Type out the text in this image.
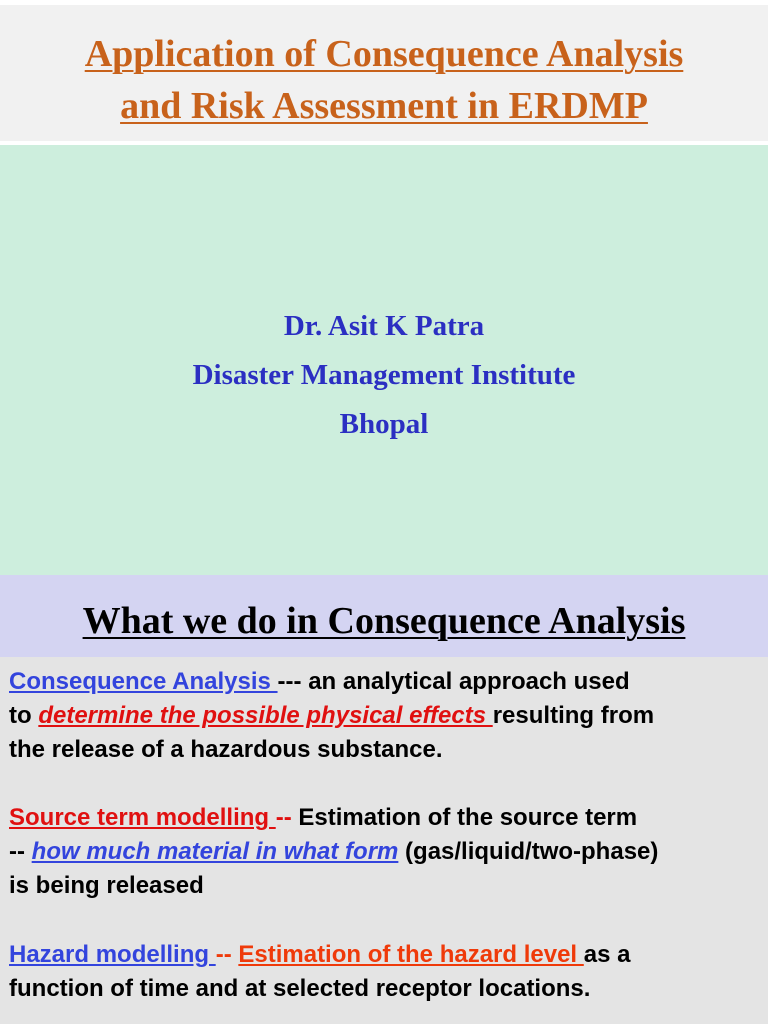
Application of Consequence Analysis
and Risk Assessment in ERDMP
Dr. Asit K Patra
Disaster Management Institute
Bhopal
What we do in Consequence Analysis

Consequence Analysis --- an analytical approach used
to determine the possible physical effects resulting from
the release of a hazardous substance.

Source term modelling -- Estimation of the source term
-- how much material in what form (gas/liquid/two-phase)
is being released

Hazard modelling -- Estimation of the hazard level as a
function of time and at selected receptor locations.
